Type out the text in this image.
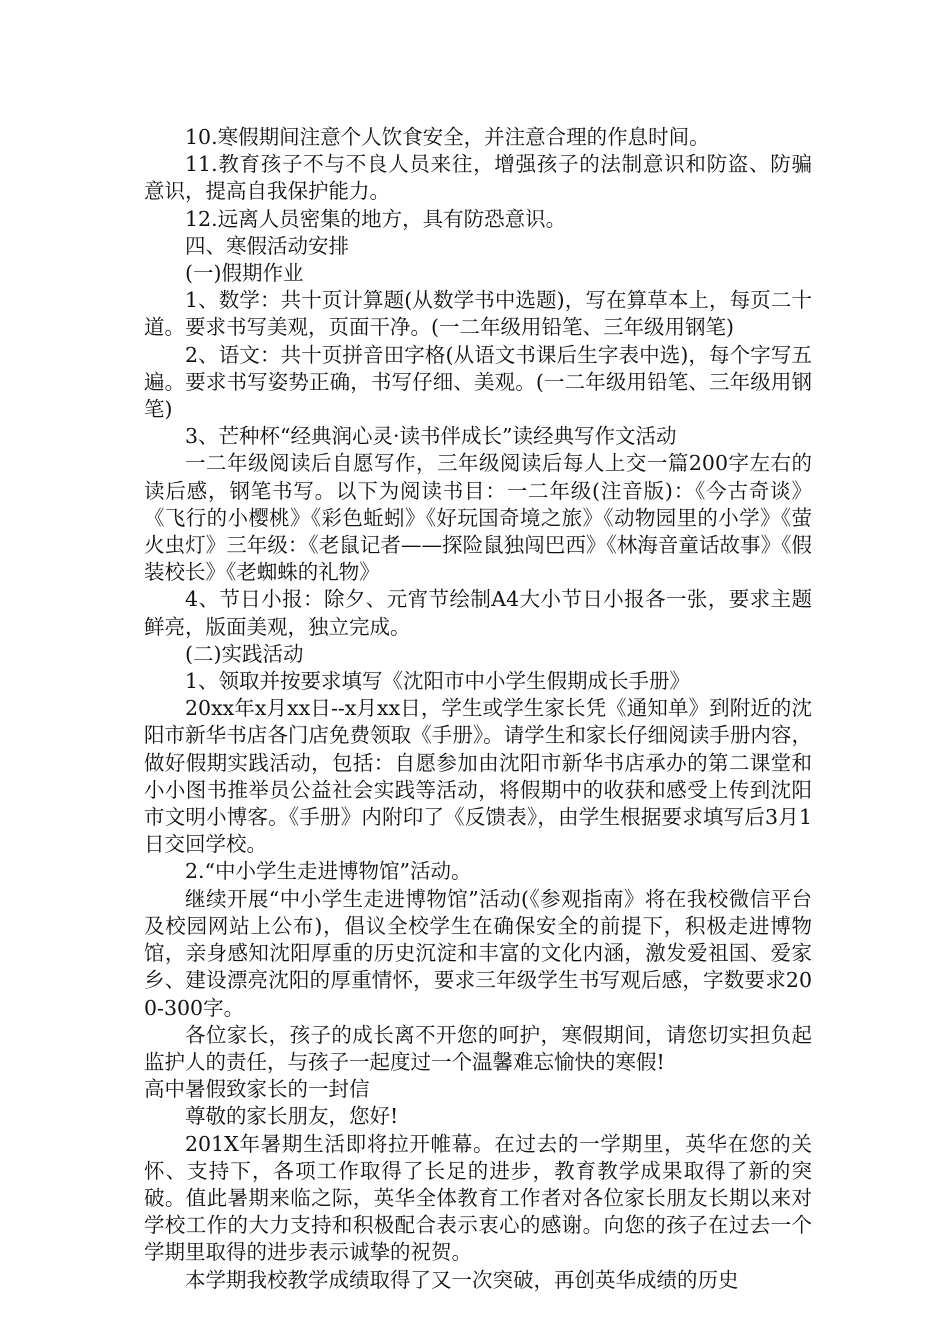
10.寒假期间注意个人饮食安全，并注意合理的作息时间。

11.教育孩子不与不良人员来往，增强孩子的法制意识和防盗、防骗意识，提高自我保护能力。

12.远离人员密集的地方，具有防恐意识。

四、寒假活动安排

(一)假期作业

1、数学：共十页计算题(从数学书中选题)，写在算草本上，每页二十道。要求书写美观，页面干净。(一二年级用铅笔、三年级用钢笔)

2、语文：共十页拼音田字格(从语文书课后生字表中选)，每个字写五遍。要求书写姿势正确，书写仔细、美观。(一二年级用铅笔、三年级用钢笔)

3、芒种杯“经典润心灵·读书伴成长”读经典写作文活动

一二年级阅读后自愿写作，三年级阅读后每人上交一篇200字左右的读后感，钢笔书写。以下为阅读书目：一二年级(注音版)：《今古奇谈》《飞行的小樱桃》《彩色蚯蚓》《好玩国奇境之旅》《动物园里的小学》《萤火虫灯》三年级：《老鼠记者——探险鼠独闯巴西》《林海音童话故事》《假装校长》《老蜘蛛的礼物》

4、节日小报：除夕、元宵节绘制A4大小节日小报各一张，要求主题鲜亮，版面美观，独立完成。

(二)实践活动

1、领取并按要求填写《沈阳市中小学生假期成长手册》

20xx年x月xx日--x月xx日，学生或学生家长凭《通知单》到附近的沈阳市新华书店各门店免费领取《手册》。请学生和家长仔细阅读手册内容，做好假期实践活动，包括：自愿参加由沈阳市新华书店承办的第二课堂和小小图书推举员公益社会实践等活动，将假期中的收获和感受上传到沈阳市文明小博客。《手册》内附印了《反馈表》，由学生根据要求填写后3月1日交回学校。

2.“中小学生走进博物馆”活动。

继续开展“中小学生走进博物馆”活动(《参观指南》将在我校微信平台及校园网站上公布)，倡议全校学生在确保安全的前提下，积极走进博物馆，亲身感知沈阳厚重的历史沉淀和丰富的文化内涵，激发爱祖国、爱家乡、建设漂亮沈阳的厚重情怀，要求三年级学生书写观后感，字数要求200-300字。

各位家长，孩子的成长离不开您的呵护，寒假期间，请您切实担负起监护人的责任，与孩子一起度过一个温馨难忘愉快的寒假!

高中暑假致家长的一封信

尊敬的家长朋友，您好!

201X年暑期生活即将拉开帷幕。在过去的一学期里，英华在您的关怀、支持下，各项工作取得了长足的进步，教育教学成果取得了新的突破。值此暑期来临之际，英华全体教育工作者对各位家长朋友长期以来对学校工作的大力支持和积极配合表示衷心的感谢。向您的孩子在过去一个学期里取得的进步表示诚挚的祝贺。

本学期我校教学成绩取得了又一次突破，再创英华成绩的历史
